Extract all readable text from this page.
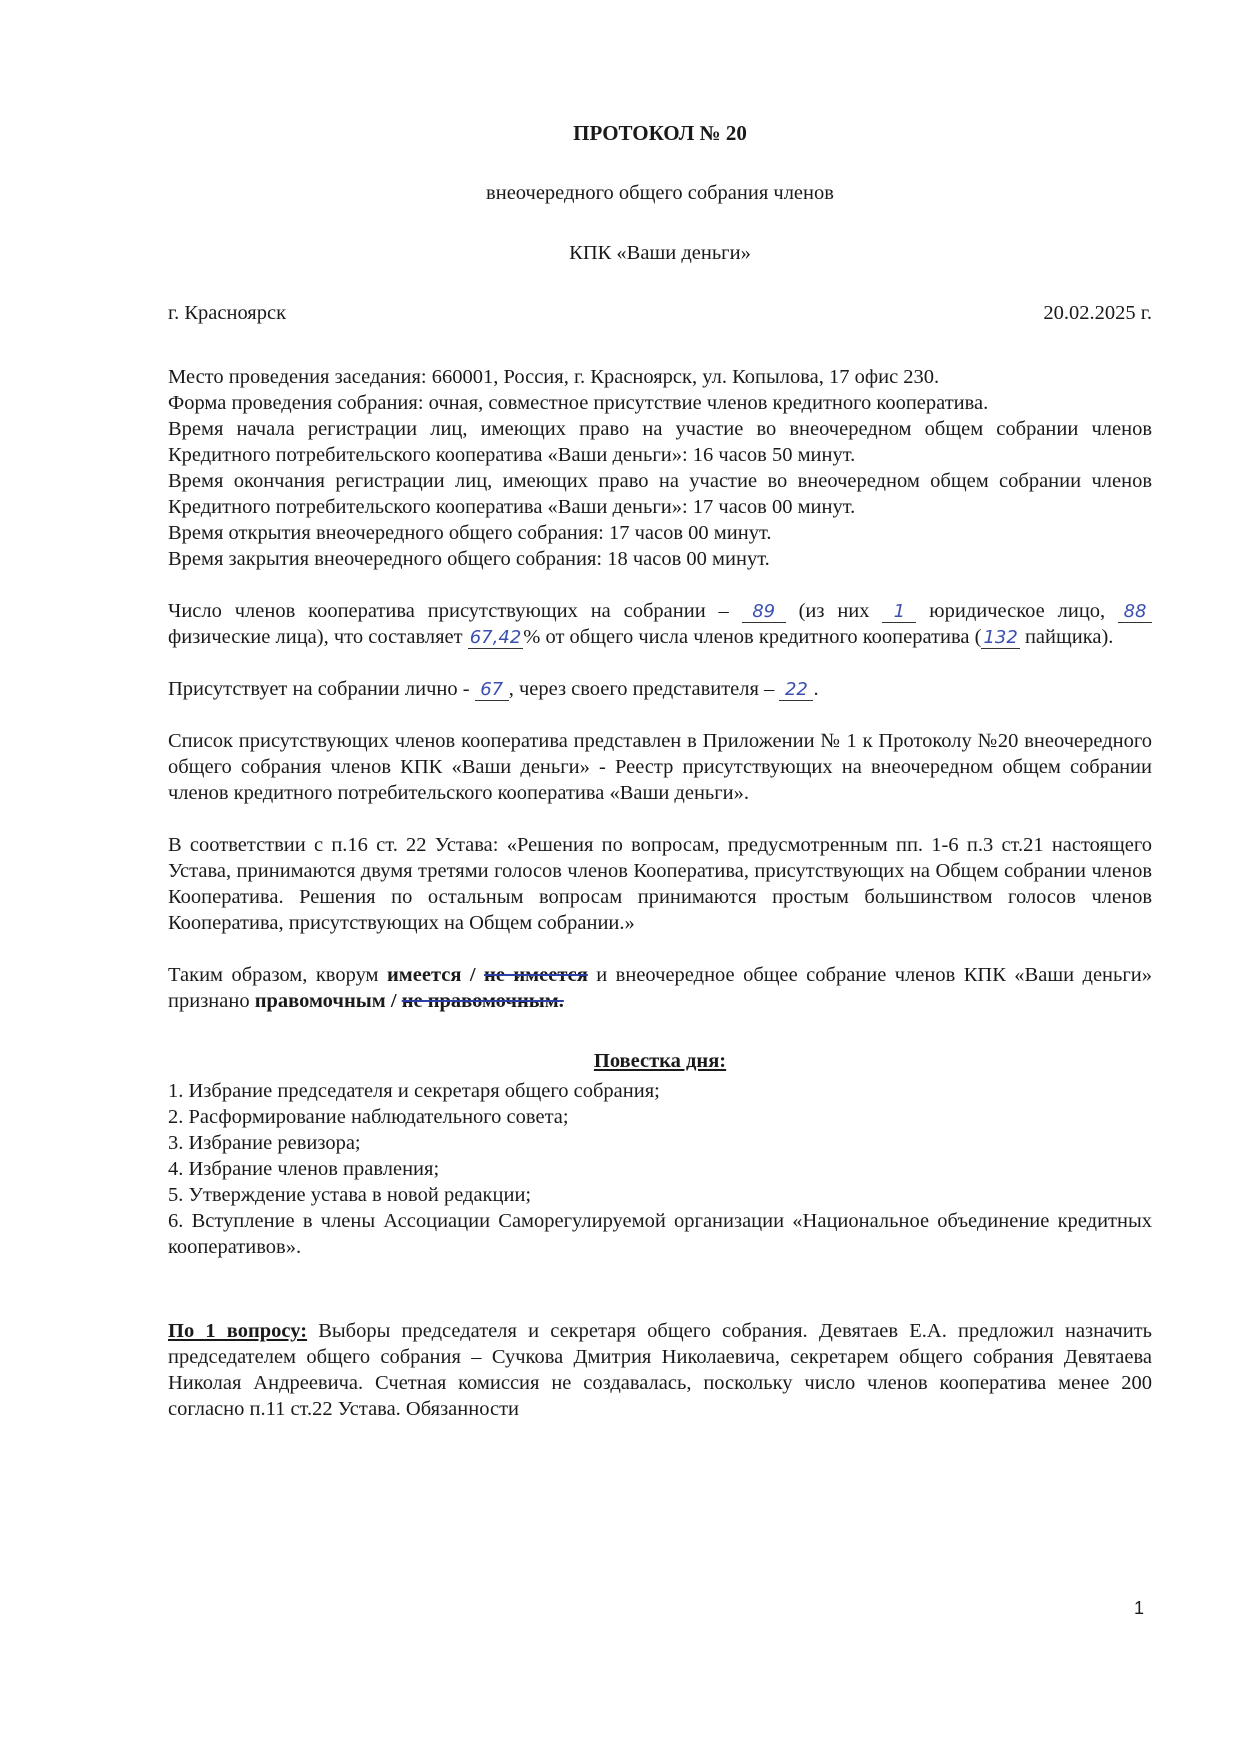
ПРОТОКОЛ № 20

внеочередного общего собрания членов
КПК «Ваши деньги»
г. Красноярск	20.02.2025 г.
Место проведения заседания: 660001, Россия, г. Красноярск, ул. Копылова, 17 офис 230.
Форма проведения собрания: очная, совместное присутствие членов кредитного кооператива.
Время начала регистрации лиц, имеющих право на участие во внеочередном общем собрании членов Кредитного потребительского кооператива «Ваши деньги»: 16 часов 50 минут.
Время окончания регистрации лиц, имеющих право на участие во внеочередном общем собрании членов Кредитного потребительского кооператива «Ваши деньги»: 17 часов 00 минут.
Время открытия внеочередного общего собрания: 17 часов 00 минут.
Время закрытия внеочередного общего собрания: 18 часов 00 минут.

Число членов кооператива присутствующих на собрании – 89 (из них 1 юридическое лицо, 88 физические лица), что составляет 67,42% от общего числа членов кредитного кооператива ( 132 пайщика).

Присутствует на собрании лично - 67 , через своего представителя – 22 .

Список присутствующих членов кооператива представлен в Приложении № 1 к Протоколу №20 внеочередного общего собрания членов КПК «Ваши деньги» - Реестр присутствующих на внеочередном общем собрании членов кредитного потребительского кооператива «Ваши деньги».

В соответствии с п.16 ст. 22 Устава: «Решения по вопросам, предусмотренным пп. 1-6 п.3 ст.21 настоящего Устава, принимаются двумя третями голосов членов Кооператива, присутствующих на Общем собрании членов Кооператива. Решения по остальным вопросам принимаются простым большинством голосов членов Кооператива, присутствующих на Общем собрании.»

Таким образом, кворум имеется / не имеется и внеочередное общее собрание членов КПК «Ваши деньги» признано правомочным / не правомочным.

Повестка дня:
1. Избрание председателя и секретаря общего собрания;
2. Расформирование наблюдательного совета;
3. Избрание ревизора;
4. Избрание членов правления;
5. Утверждение устава в новой редакции;
6. Вступление в члены Ассоциации Саморегулируемой организации «Национальное объединение кредитных кооперативов».

По 1 вопросу: Выборы председателя и секретаря общего собрания. Девятаев Е.А. предложил назначить председателем общего собрания – Сучкова Дмитрия Николаевича, секретарем общего собрания Девятаева Николая Андреевича. Счетная комиссия не создавалась, поскольку число членов кооператива менее 200 согласно п.11 ст.22 Устава. Обязанности

1
